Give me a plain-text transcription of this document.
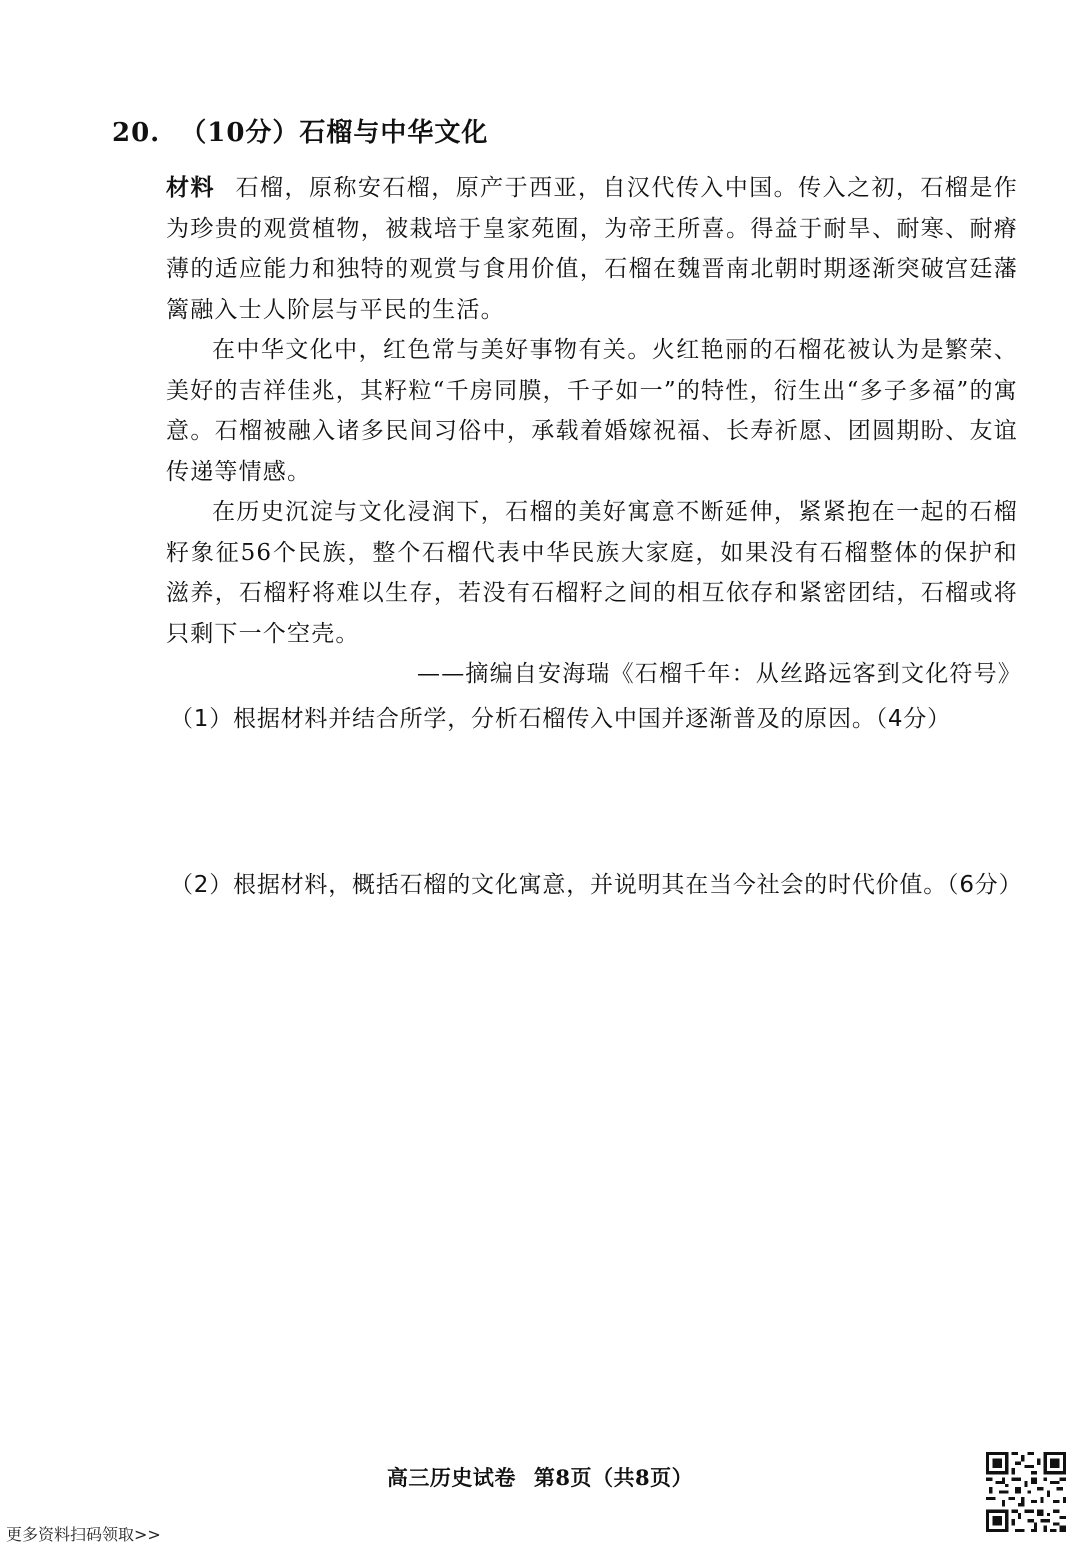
20. （10分）石榴与中华文化

材料 石榴，原称安石榴，原产于西亚，自汉代传入中国。传入之初，石榴是作为珍贵的观赏植物，被栽培于皇家苑囿，为帝王所喜。得益于耐旱、耐寒、耐瘠薄的适应能力和独特的观赏与食用价值，石榴在魏晋南北朝时期逐渐突破宫廷藩篱融入士人阶层与平民的生活。

在中华文化中，红色常与美好事物有关。火红艳丽的石榴花被认为是繁荣、美好的吉祥佳兆，其籽粒“千房同膜，千子如一”的特性，衍生出“多子多福”的寓意。石榴被融入诸多民间习俗中，承载着婚嫁祝福、长寿祈愿、团圆期盼、友谊传递等情感。

在历史沉淀与文化浸润下，石榴的美好寓意不断延伸，紧紧抱在一起的石榴籽象征56个民族，整个石榴代表中华民族大家庭，如果没有石榴整体的保护和滋养，石榴籽将难以生存，若没有石榴籽之间的相互依存和紧密团结，石榴或将只剩下一个空壳。

——摘编自安海瑞《石榴千年：从丝路远客到文化符号》
（1）根据材料并结合所学，分析石榴传入中国并逐渐普及的原因。（4分）
（2）根据材料，概括石榴的文化寓意，并说明其在当今社会的时代价值。（6分）
高三历史试卷 第8页（共8页）
更多资料扫码领取>>
